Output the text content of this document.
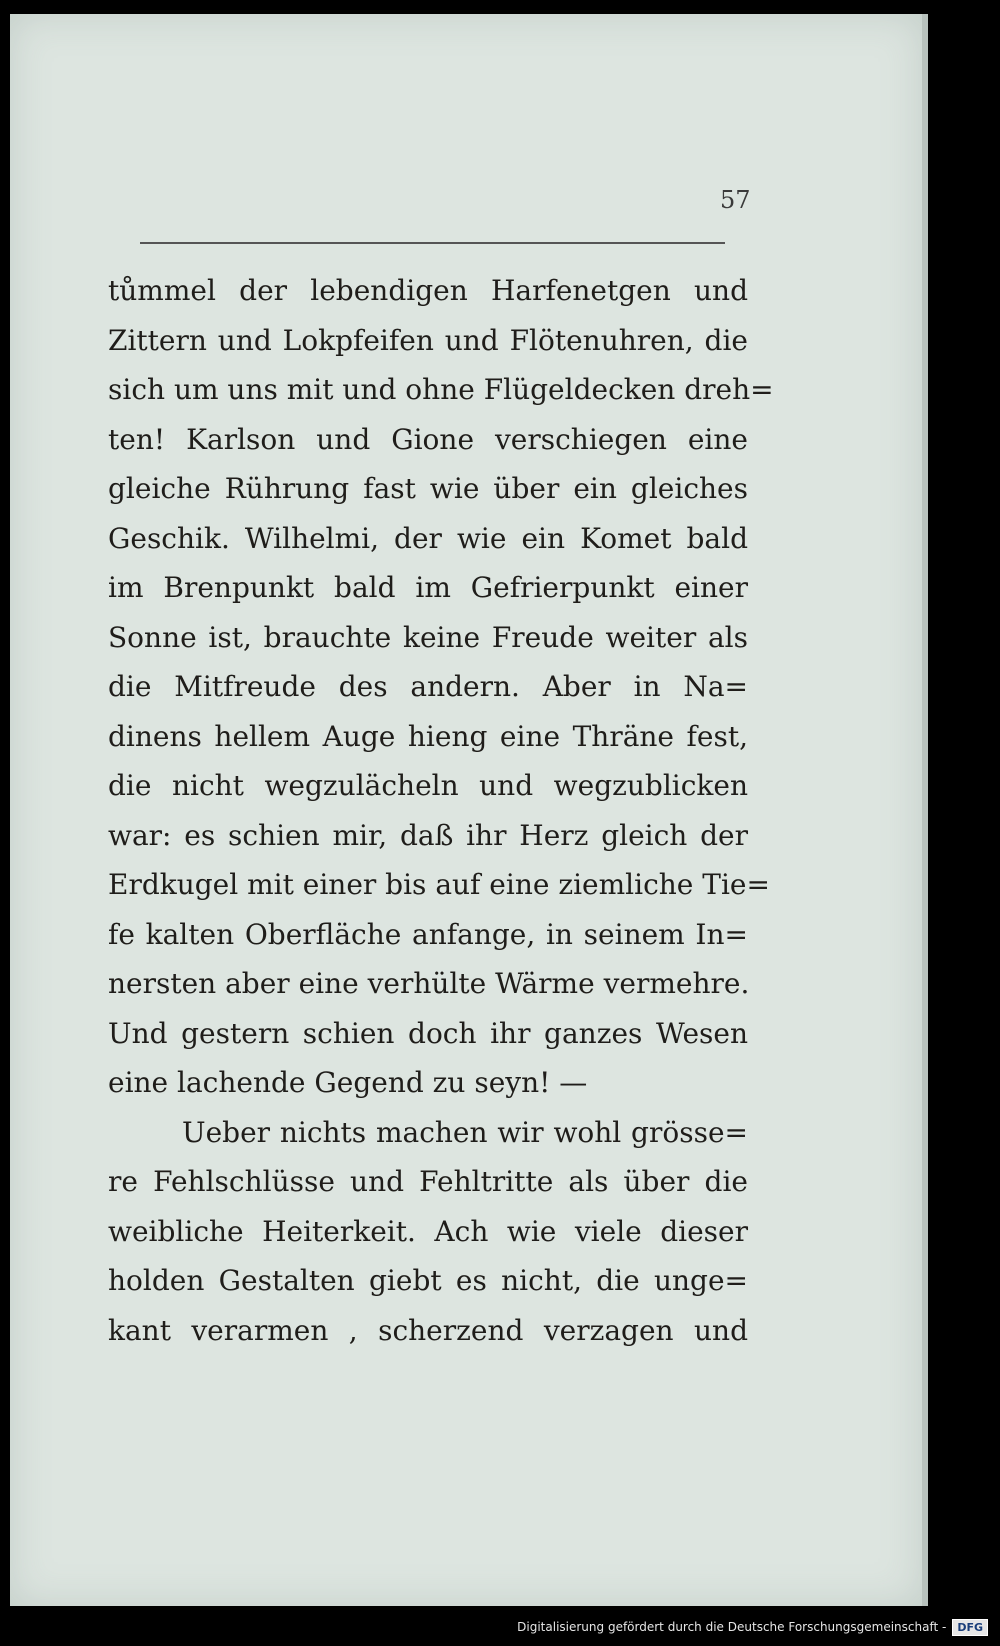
57
tůmmel der lebendigen Harfenetgen und
Zittern und Lokpfeifen und Flötenuhren, die
sich um uns mit und ohne Flügeldecken dreh=
ten! Karlson und Gione verschiegen eine
gleiche Rührung fast wie über ein gleiches
Geschik. Wilhelmi, der wie ein Komet bald
im Brenpunkt bald im Gefrierpunkt einer
Sonne ist, brauchte keine Freude weiter als
die Mitfreude des andern. Aber in Na=
dinens hellem Auge hieng eine Thräne fest,
die nicht wegzulächeln und wegzublicken
war: es schien mir, daß ihr Herz gleich der
Erdkugel mit einer bis auf eine ziemliche Tie=
fe kalten Oberfläche anfange, in seinem In=
nersten aber eine verhülte Wärme vermehre.
Und gestern schien doch ihr ganzes Wesen
eine lachende Gegend zu seyn! —
Ueber nichts machen wir wohl grösse=
re Fehlschlüsse und Fehltritte als über die
weibliche Heiterkeit. Ach wie viele dieser
holden Gestalten giebt es nicht, die unge=
kant verarmen , scherzend verzagen und
Digitalisierung gefördert durch die Deutsche Forschungsgemeinschaft -	DFG
